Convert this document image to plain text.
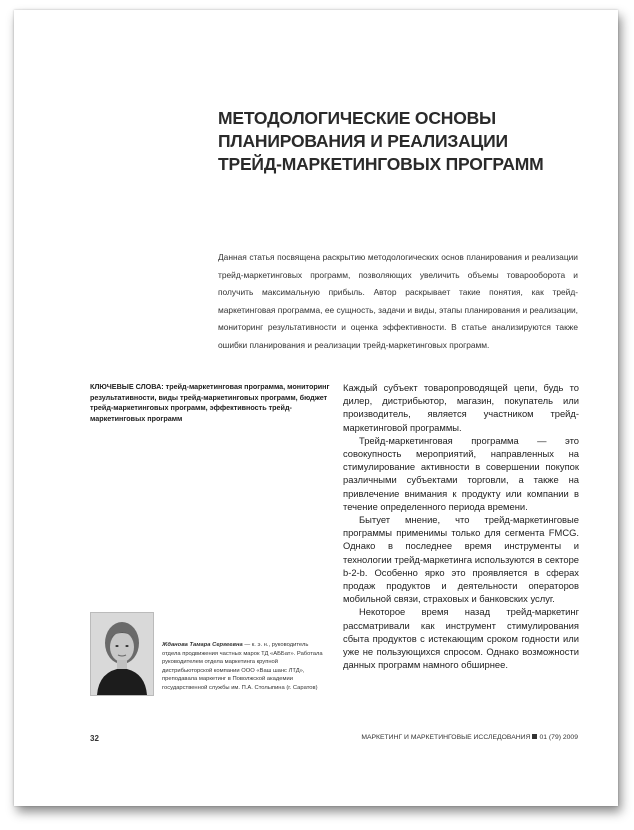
МЕТОДОЛОГИЧЕСКИЕ ОСНОВЫ
ПЛАНИРОВАНИЯ И РЕАЛИЗАЦИИ
ТРЕЙД-МАРКЕТИНГОВЫХ ПРОГРАММ
Данная статья посвящена раскрытию методологических основ планирования и реализации трейд-маркетинговых программ, позволяющих увеличить объемы товарооборота и получить максимальную прибыль. Автор раскрывает такие понятия, как трейд-маркетинговая программа, ее сущность, задачи и виды, этапы планирования и реализации, мониторинг результативности и оценка эффективности. В статье анализируются также ошибки планирования и реализации трейд-маркетинговых программ.
КЛЮЧЕВЫЕ СЛОВА: трейд-маркетинговая программа, мониторинг результативности, виды трейд-маркетинговых программ, бюджет трейд-маркетинговых программ, эффективность трейд-маркетинговых программ

Каждый субъект товаропроводящей цепи, будь то дилер, дистрибьютор, магазин, покупатель или производитель, является участником трейд-маркетинговой программы.

Трейд-маркетинговая программа — это совокупность мероприятий, направленных на стимулирование активности в совершении покупок различными субъектами торговли, а также на привлечение внимания к продукту или компании в течение определенного периода времени.

Бытует мнение, что трейд-маркетинговые программы применимы только для сегмента FMCG. Однако в последнее время инструменты и технологии трейд-маркетинга используются в секторе b-2-b. Особенно ярко это проявляется в сферах продаж продуктов и деятельности операторов мобильной связи, страховых и банковских услуг.

Некоторое время назад трейд-маркетинг рассматривали как инструмент стимулирования сбыта продуктов с истекающим сроком годности или уже не пользующихся спросом. Однако возможности данных программ намного обширнее.

Жданова Тамара Сергеевна — к. э. н., руководитель отдела продвижения частных марок ТД «АББат». Работала руководителем отдела маркетинга крупной дистрибьюторской компании ООО «Ваш шанс ЛТД», преподавала маркетинг в Поволжской академии государственной службы им. П.А. Столыпина (г. Саратов)
32	МАРКЕТИНГ И МАРКЕТИНГОВЫЕ ИССЛЕДОВАНИЯ 01 (79) 2009
